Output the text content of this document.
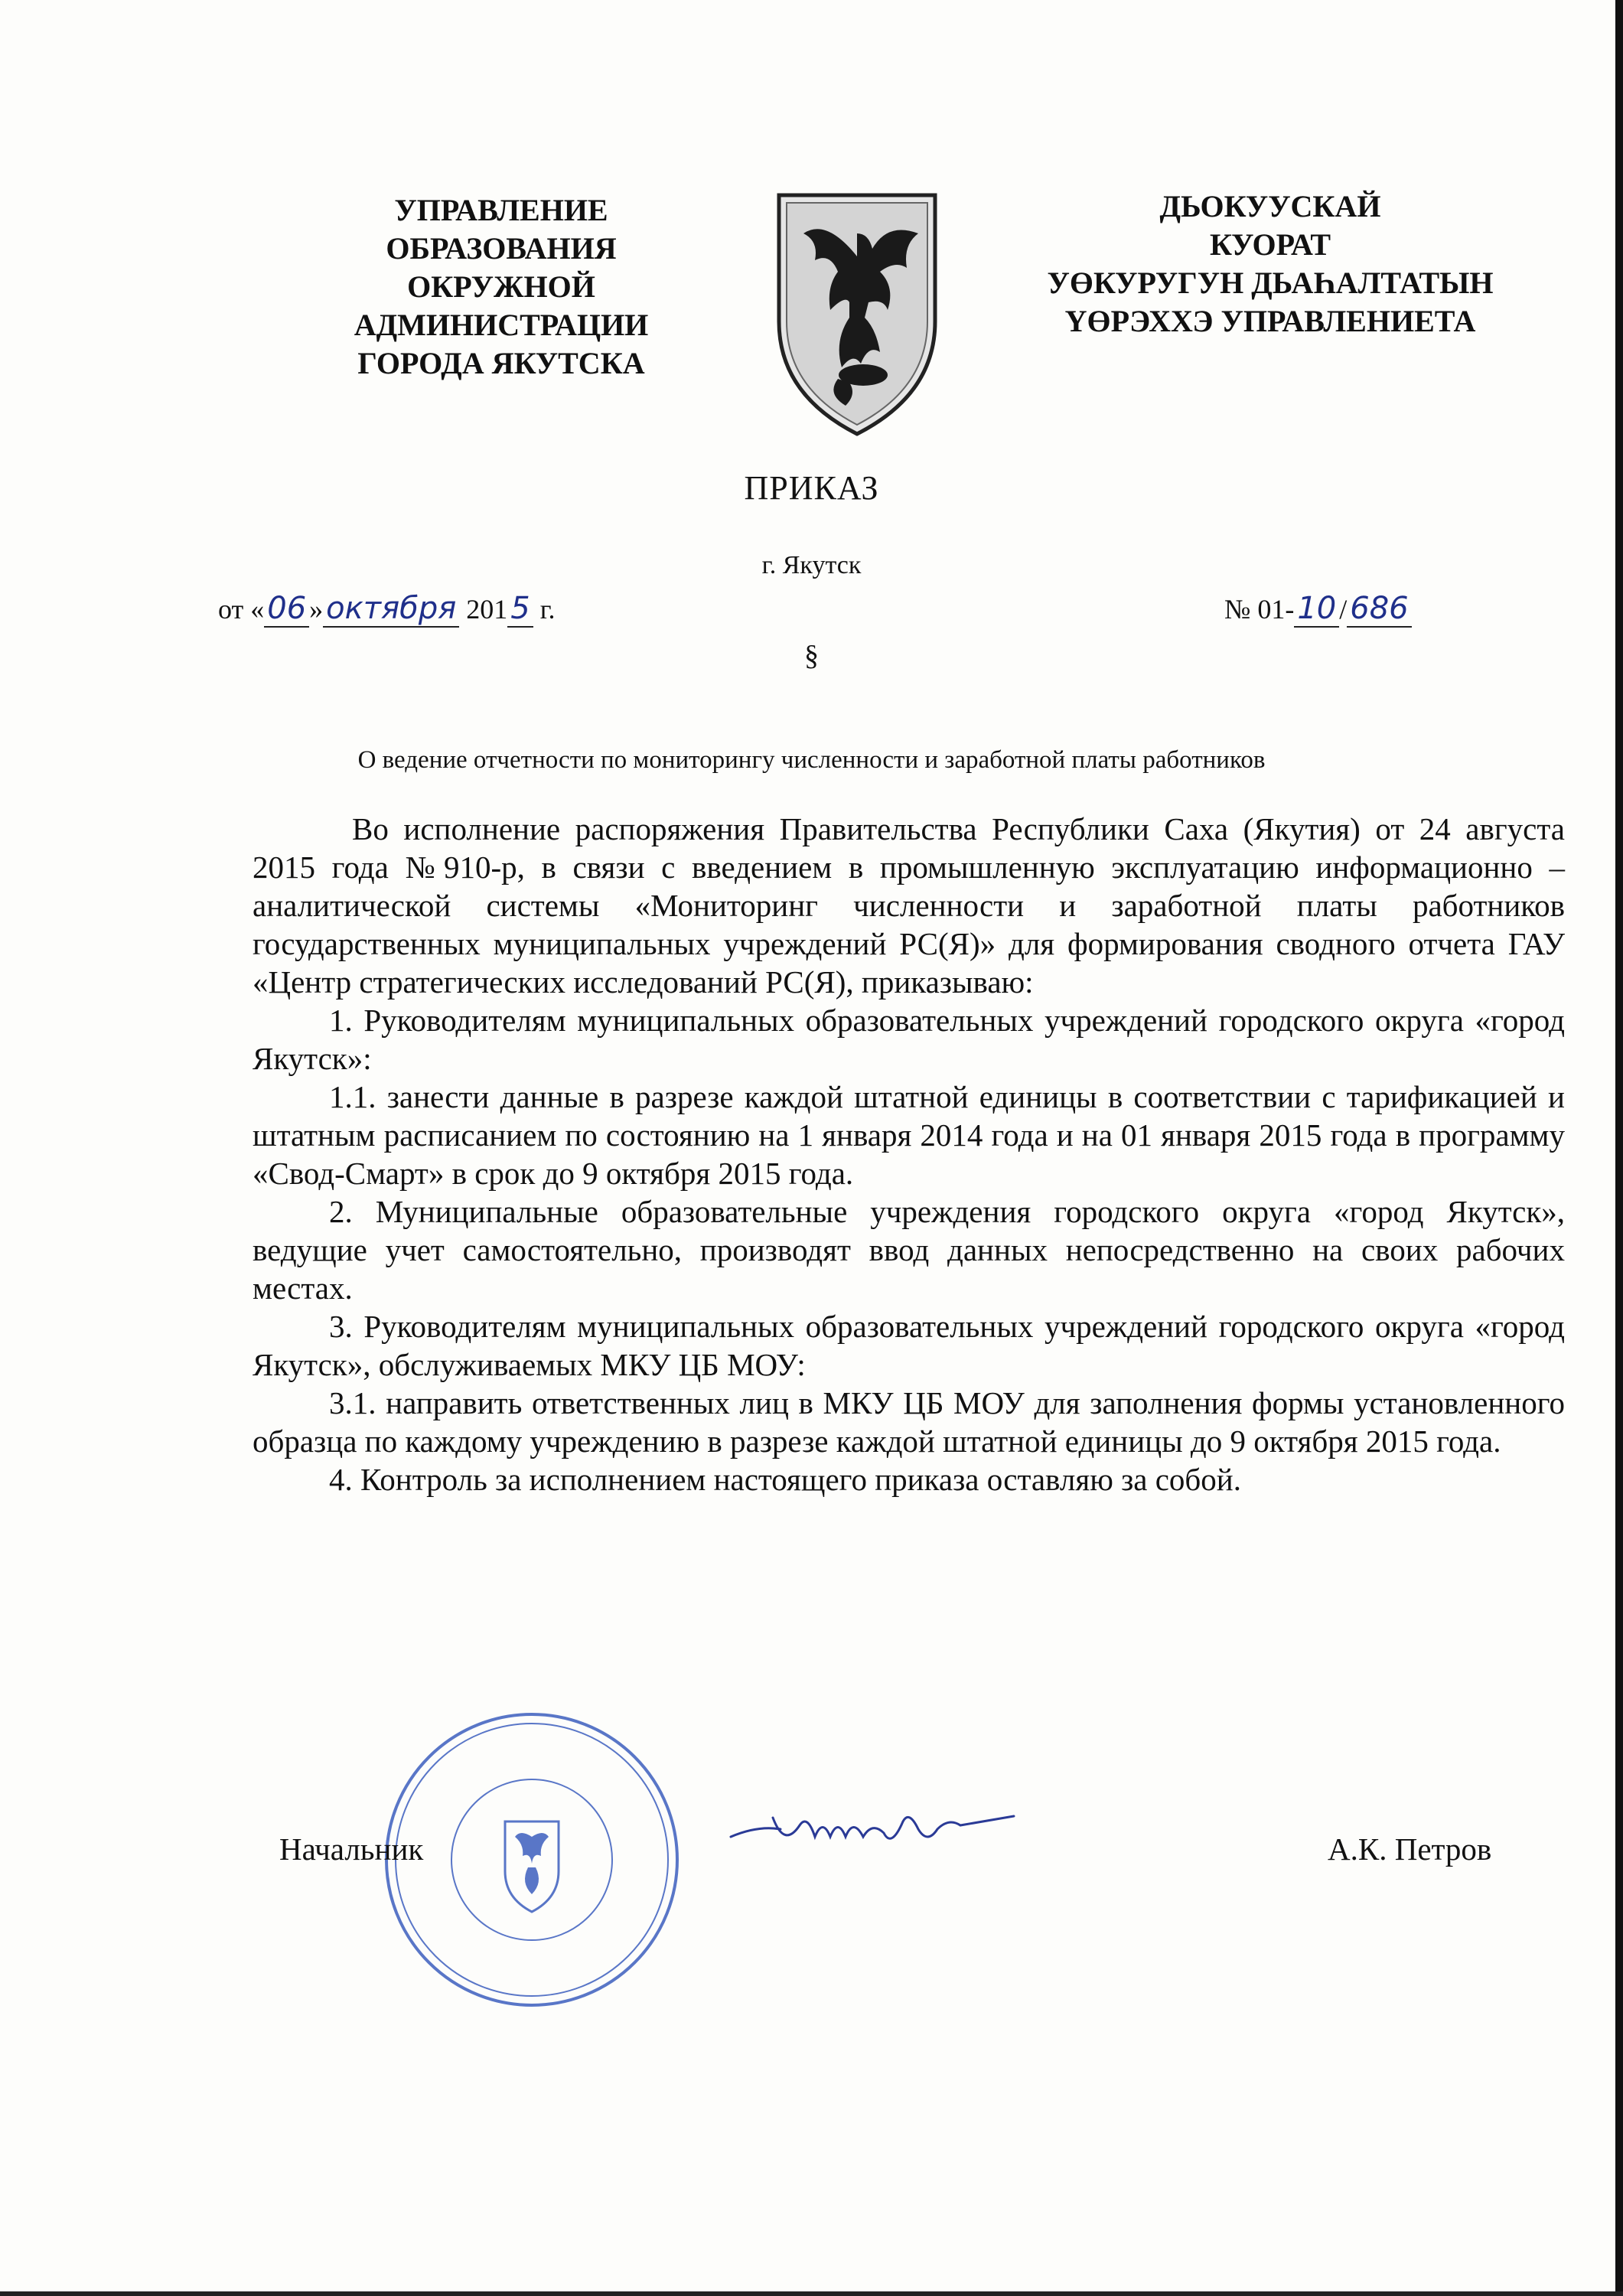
УПРАВЛЕНИЕ
ОБРАЗОВАНИЯ
ОКРУЖНОЙ
АДМИНИСТРАЦИИ
ГОРОДА ЯКУТСКА
ДЬОКУУСКАЙ
КУОРАТ
УӨКУРУГУН ДЬАҺАЛТАТЫН
ҮӨРЭХХЭ УПРАВЛЕНИЕТА
ПРИКАЗ
г. Якутск
от « 06 » октября 201 5 г.	№ 01- 10 / 686
§
О ведение отчетности по мониторингу численности и заработной платы работников

Во исполнение распоряжения Правительства Республики Саха (Якутия) от 24 августа 2015 года №910-р, в связи с введением в промышленную эксплуатацию информационно – аналитической системы «Мониторинг численности и заработной платы работников государственных муниципальных учреждений РС(Я)» для формирования сводного отчета ГАУ «Центр стратегических исследований РС(Я), приказываю:

1. Руководителям муниципальных образовательных учреждений городского округа «город Якутск»:

1.1. занести данные в разрезе каждой штатной единицы в соответствии с тарификацией и штатным расписанием по состоянию на 1 января 2014 года и на 01 января 2015 года в программу «Свод-Смарт» в срок до 9 октября 2015 года.

2. Муниципальные образовательные учреждения городского округа «город Якутск», ведущие учет самостоятельно, производят ввод данных непосредственно на своих рабочих местах.

3. Руководителям муниципальных образовательных учреждений городского округа «город Якутск», обслуживаемых МКУ ЦБ МОУ:

3.1. направить ответственных лиц в МКУ ЦБ МОУ для заполнения формы установленного образца по каждому учреждению в разрезе каждой штатной единицы до 9 октября 2015 года.

4. Контроль за исполнением настоящего приказа оставляю за собой.

Начальник	А.К. Петров
